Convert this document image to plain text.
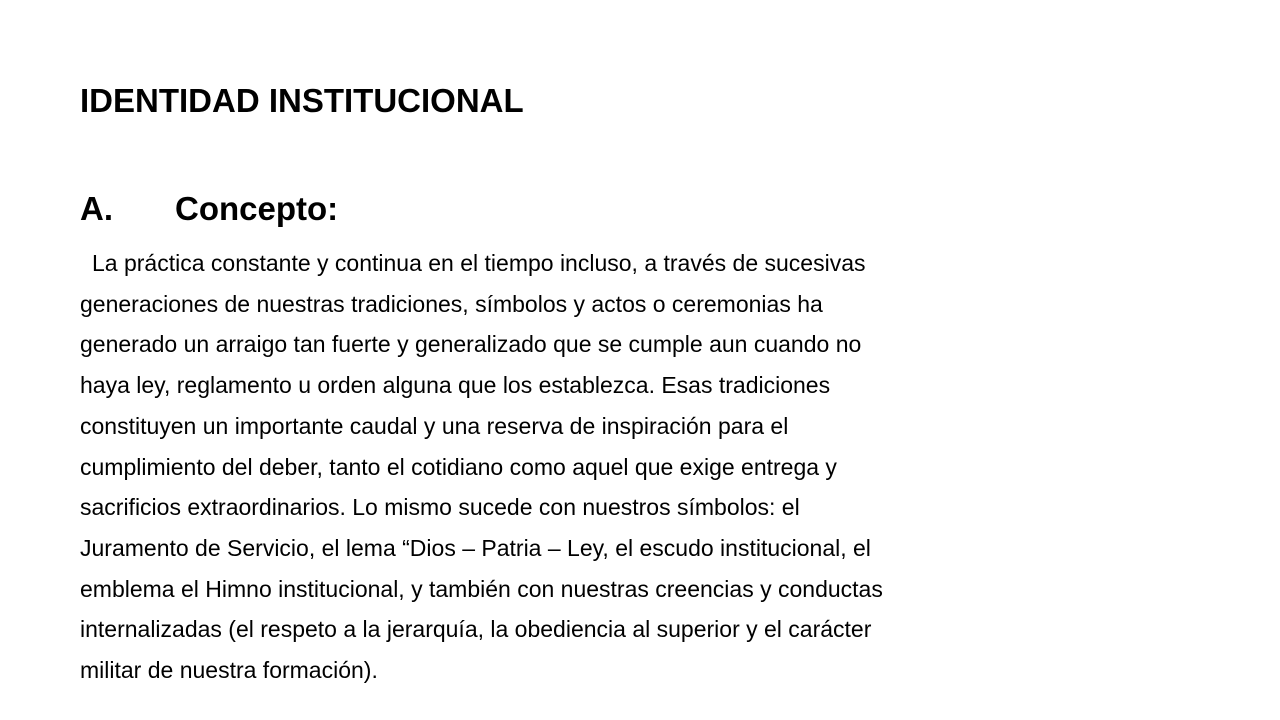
IDENTIDAD INSTITUCIONAL
A. Concepto:
La práctica constante y continua en el tiempo incluso, a través de sucesivas
generaciones de nuestras tradiciones, símbolos y actos o ceremonias ha
generado un arraigo tan fuerte y generalizado que se cumple aun cuando no
haya ley, reglamento u orden alguna que los establezca. Esas tradiciones
constituyen un importante caudal y una reserva de inspiración para el
cumplimiento del deber, tanto el cotidiano como aquel que exige entrega y
sacrificios extraordinarios. Lo mismo sucede con nuestros símbolos: el
Juramento de Servicio, el lema “Dios – Patria – Ley, el escudo institucional, el
emblema el Himno institucional, y también con nuestras creencias y conductas
internalizadas (el respeto a la jerarquía, la obediencia al superior y el carácter
militar de nuestra formación).
